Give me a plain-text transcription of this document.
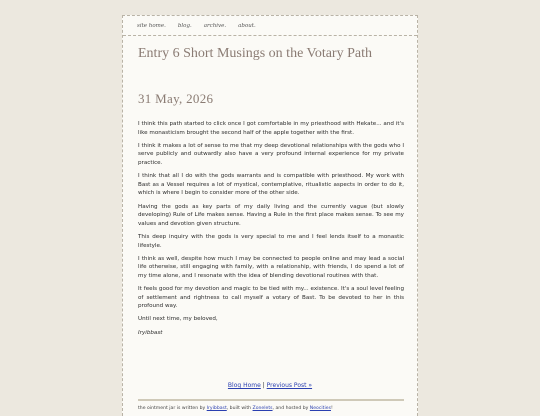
site home. blog. archive. about.
Entry 6 Short Musings on the Votary Path
31 May, 2026

I think this path started to click once I got comfortable in my priesthood with Hekate... and it's like monasticism brought the second half of the apple together with the first.

I think it makes a lot of sense to me that my deep devotional relationships with the gods who I serve publicly and outwardly also have a very profound internal experience for my private practice.

I think that all I do with the gods warrants and is compatible with priesthood. My work with Bast as a Vessel requires a lot of mystical, contemplative, ritualistic aspects in order to do it, which is where I begin to consider more of the other side.

Having the gods as key parts of my daily living and the currently vague (but slowly developing) Rule of Life makes sense. Having a Rule in the first place makes sense. To see my values and devotion given structure.

This deep inquiry with the gods is very special to me and I feel lends itself to a monastic lifestyle.

I think as well, despite how much I may be connected to people online and may lead a social life otherwise, still engaging with family, with a relationship, with friends, I do spend a lot of my time alone, and I resonate with the idea of blending devotional routines with that.

It feels good for my devotion and magic to be tied with my... existence. It's a soul level feeling of settlement and rightness to call myself a votary of Bast. To be devoted to her in this profound way.

Until next time, my beloved,

Iryibbast

Blog Home | Previous Post »
the ointment jar is written by Iryibbast, built with Zonelets, and hosted by Neocities!
